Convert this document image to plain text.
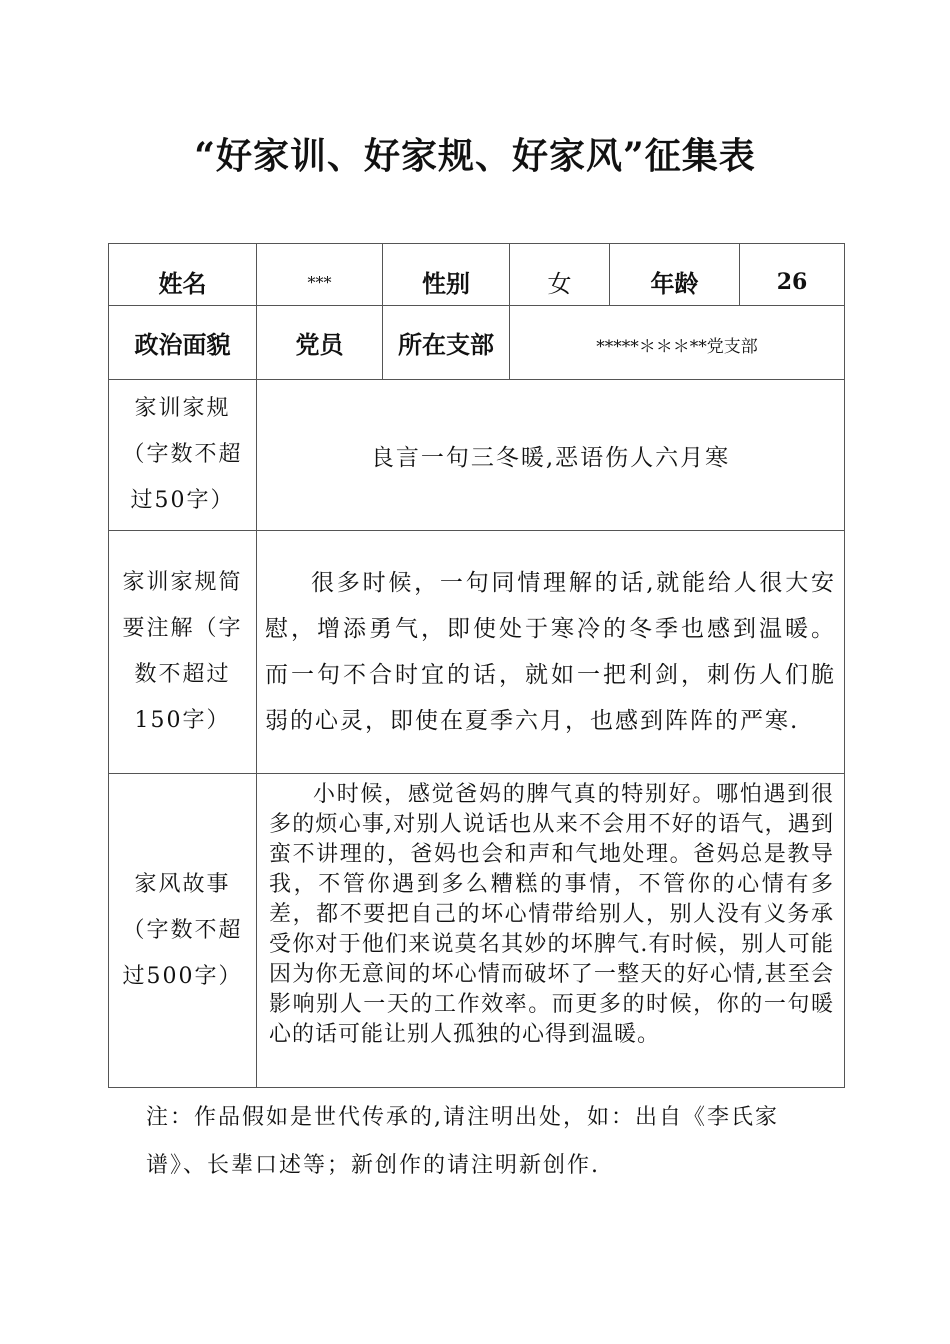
“好家训、好家规、好家风”征集表
姓名	***	性别	女	年龄	26
政治面貌	党员	所在支部	*****＊＊＊**党支部		
家训家规（字数不超过50字）	良言一句三冬暖,恶语伤人六月寒				
家训家规简要注解（字数不超过150字）	很多时候，一句同情理解的话,就能给人很大安慰，增添勇气，即使处于寒冷的冬季也感到温暖。而一句不合时宜的话，就如一把利剑，刺伤人们脆弱的心灵，即使在夏季六月，也感到阵阵的严寒.				
家风故事（字数不超过500字）	小时候，感觉爸妈的脾气真的特别好。哪怕遇到很多的烦心事,对别人说话也从来不会用不好的语气，遇到蛮不讲理的，爸妈也会和声和气地处理。爸妈总是教导我，不管你遇到多么糟糕的事情，不管你的心情有多差，都不要把自己的坏心情带给别人，别人没有义务承受你对于他们来说莫名其妙的坏脾气.有时候，别人可能因为你无意间的坏心情而破坏了一整天的好心情,甚至会影响别人一天的工作效率。而更多的时候，你的一句暖心的话可能让别人孤独的心得到温暖。				
注：作品假如是世代传承的,请注明出处，如：出自《李氏家谱》、长辈口述等；新创作的请注明新创作.
